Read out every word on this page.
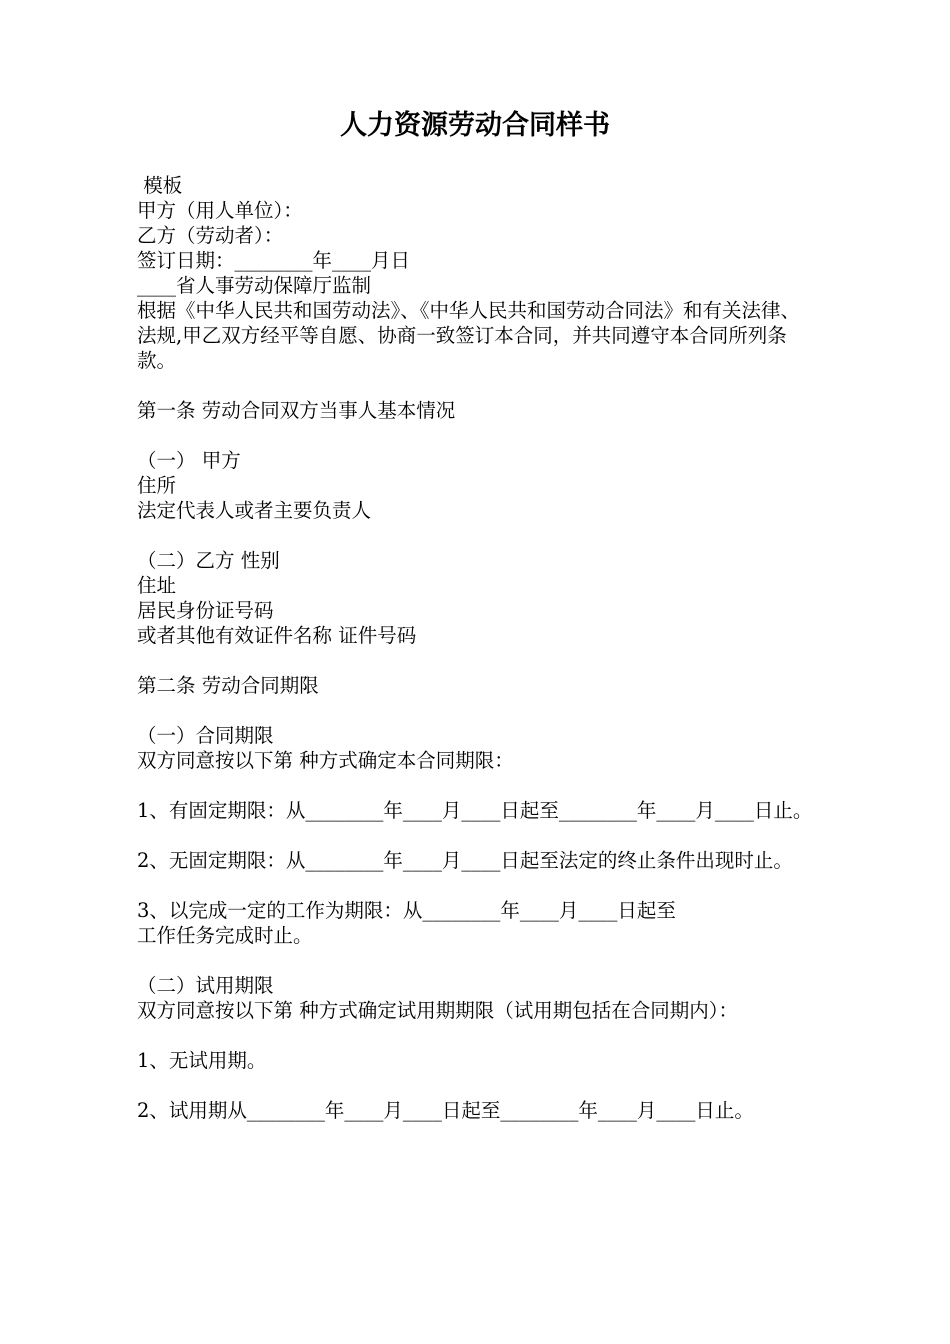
人力资源劳动合同样书

模板

甲方（用人单位）：

乙方（劳动者）：

签订日期：________年____月日

____省人事劳动保障厅监制

根据《中华人民共和国劳动法》、《中华人民共和国劳动合同法》和有关法律、法规,甲乙双方经平等自愿、协商一致签订本合同，并共同遵守本合同所列条款。

第一条 劳动合同双方当事人基本情况

（一） 甲方

住所

法定代表人或者主要负责人

（二）乙方 性别

住址

居民身份证号码

或者其他有效证件名称 证件号码

第二条 劳动合同期限

（一）合同期限

双方同意按以下第 种方式确定本合同期限：

1、有固定期限：从________年____月____日起至________年____月____日止。

2、无固定期限：从________年____月____日起至法定的终止条件出现时止。

3、以完成一定的工作为期限：从________年____月____日起至

工作任务完成时止。

（二）试用期限

双方同意按以下第 种方式确定试用期期限（试用期包括在合同期内）：

1、无试用期。

2、试用期从________年____月____日起至________年____月____日止。
